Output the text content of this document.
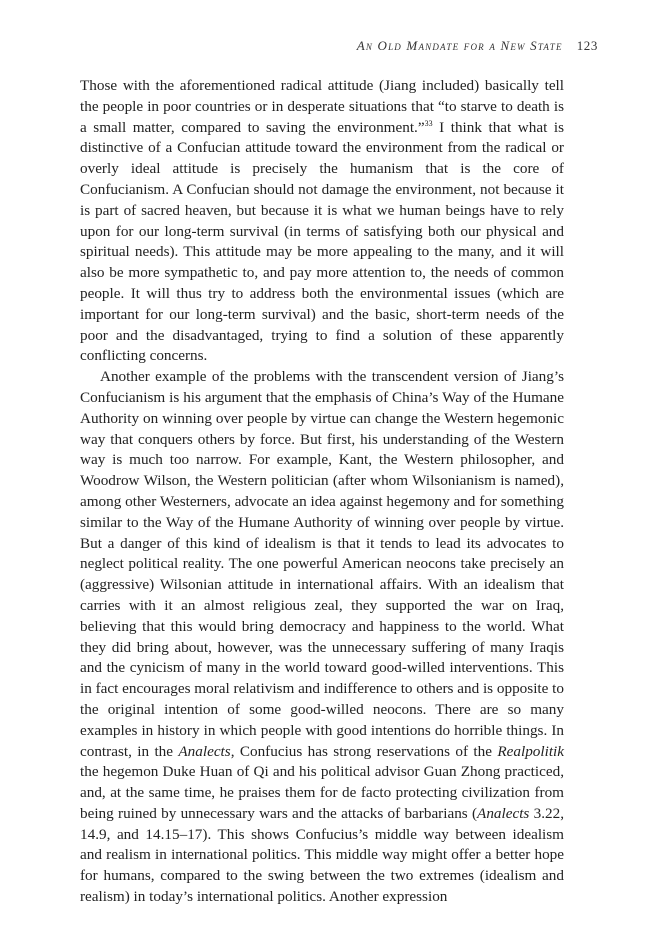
An Old Mandate for a New State 123

Those with the aforementioned radical attitude (Jiang included) basically tell the people in poor countries or in desperate situations that “to starve to death is a small matter, compared to saving the environment.”$^{33}$ I think that what is distinctive of a Confucian attitude toward the environment from the radical or overly ideal attitude is precisely the humanism that is the core of Confucianism. A Confucian should not damage the environment, not because it is part of sacred heaven, but because it is what we human beings have to rely upon for our long-term survival (in terms of satisfying both our physical and spiritual needs). This attitude may be more appealing to the many, and it will also be more sympathetic to, and pay more attention to, the needs of common people. It will thus try to address both the environmental issues (which are important for our long-term survival) and the basic, short-term needs of the poor and the disadvantaged, trying to find a solution of these apparently conflicting concerns.

Another example of the problems with the transcendent version of Jiang’s Confucianism is his argument that the emphasis of China’s Way of the Humane Authority on winning over people by virtue can change the Western hegemonic way that conquers others by force. But first, his understanding of the Western way is much too narrow. For example, Kant, the Western philosopher, and Woodrow Wilson, the Western politician (after whom Wilsonianism is named), among other Westerners, advocate an idea against hegemony and for something similar to the Way of the Humane Authority of winning over people by virtue. But a danger of this kind of idealism is that it tends to lead its advocates to neglect political reality. The one powerful American neocons take precisely an (aggressive) Wilsonian attitude in international affairs. With an idealism that carries with it an almost religious zeal, they supported the war on Iraq, believing that this would bring democracy and happiness to the world. What they did bring about, however, was the unnecessary suffering of many Iraqis and the cynicism of many in the world toward good-willed interventions. This in fact encourages moral relativism and indifference to others and is opposite to the original intention of some good-willed neocons. There are so many examples in history in which people with good intentions do horrible things. In contrast, in the Analects, Confucius has strong reservations of the Realpolitik the hegemon Duke Huan of Qi and his political advisor Guan Zhong practiced, and, at the same time, he praises them for de facto protecting civilization from being ruined by unnecessary wars and the attacks of barbarians (Analects 3.22, 14.9, and 14.15–17). This shows Confucius’s middle way between idealism and realism in international politics. This middle way might offer a better hope for humans, compared to the swing between the two extremes (idealism and realism) in today’s international politics. Another expression
